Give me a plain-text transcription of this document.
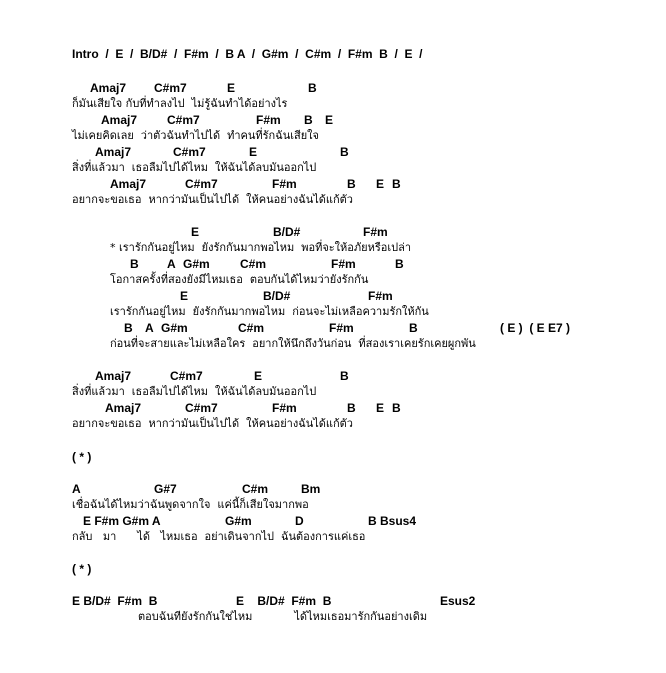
Intro  /  E  /  B/D#  /  F#m  /  B A  /  G#m  /  C#m  /  F#m  B  /  E  /

Amaj7

C#m7

	E

	B

ก็มันเสียใจ กับที่ทำลงไป  ไม่รู้ฉันทำได้อย่างไร

Amaj7

C#m7

	F#m

B

E

ไม่เคยคิดเลย  ว่าตัวฉันทำไปได้  ทำคนที่รักฉันเสียใจ

Amaj7

	C#m7

	E

	B

สิ่งที่แล้วมา  เธอลืมไปได้ไหม  ให้ฉันได้ลบมันออกไป

Amaj7

	C#m7

	F#m

	B

E

B

อยากจะขอเธอ  หากว่ามันเป็นไปได้  ให้คนอย่างฉันได้แก้ตัว

E

	B/D#

	F#m

* เรารักกันอยู่ไหม  ยังรักกันมากพอไหม  พอที่จะให้อภัยหรือเปล่า

B

A

G#m

	C#m

	F#m

	B

โอกาสครั้งที่สองยังมีไหมเธอ  ตอบกันได้ไหมว่ายังรักกัน

E

	B/D#

	F#m

เรารักกันอยู่ไหม  ยังรักกันมากพอไหม  ก่อนจะไม่เหลือความรักให้กัน

B

A

G#m

	C#m

	F#m

	B

	( E )  ( E E7 )

ก่อนที่จะสายและไม่เหลือใคร  อยากให้นึกถึงวันก่อน  ที่สองเราเคยรักเคยผูกพัน

Amaj7

	C#m7

	E

	B

สิ่งที่แล้วมา  เธอลืมไปได้ไหม  ให้ฉันได้ลบมันออกไป

Amaj7

	C#m7

	F#m

	B

E

B

อยากจะขอเธอ  หากว่ามันเป็นไปได้  ให้คนอย่างฉันได้แก้ตัว
( * )

A

	G#7

	C#m

	Bm

เชื่อฉันได้ไหมว่าฉันพูดจากใจ  แค่นี้ก็เสียใจมากพอ

E F#m G#m A

	G#m

	D

	B Bsus4

กลับ   มา      ได้   ไหมเธอ  อย่าเดินจากไป  ฉันต้องการแค่เธอ
( * )

E B/D#  F#m  B

	E    B/D#  F#m  B

	Esus2

ตอบฉันทียังรักกันใช่ไหม            ได้ไหมเธอมารักกันอย่างเดิม
